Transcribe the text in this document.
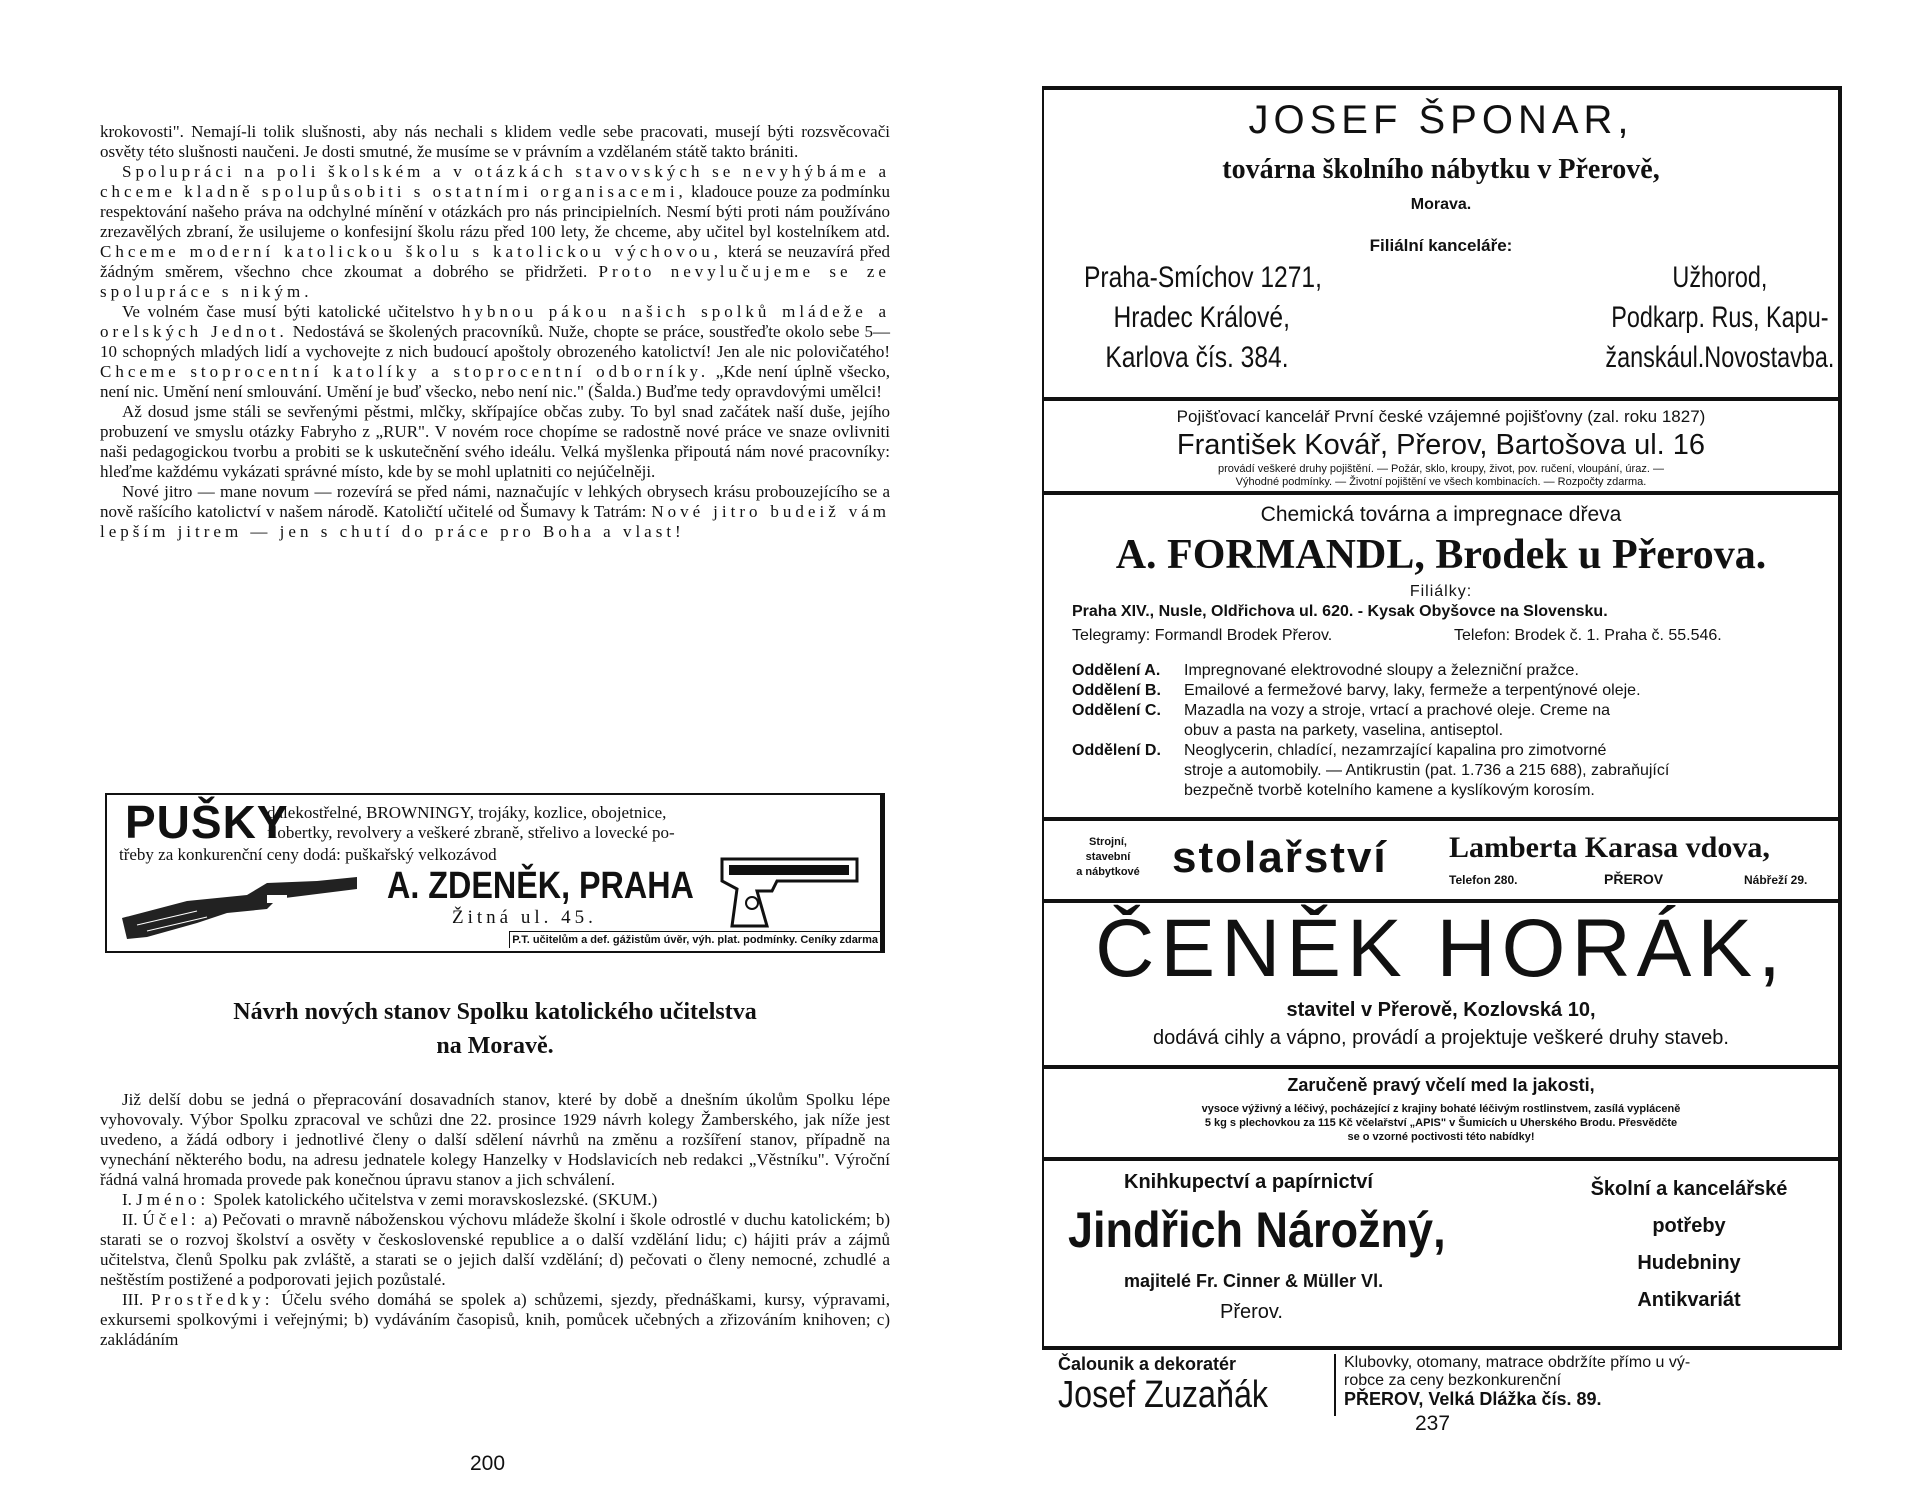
krokovosti". Nemají-li tolik slušnosti, aby nás nechali s klidem vedle sebe pracovati, musejí býti rozsvěcovači osvěty této slušnosti naučeni. Je dosti smutné, že musíme se v právním a vzdělaném státě takto brániti.

Spolupráci na poli školském a v otázkách stavovských se nevyhýbáme a chceme kladně spolupůsobiti s ostatními organisacemi, kladouce pouze za podmínku respektování našeho práva na odchylné mínění v otázkách pro nás principielních. Nesmí býti proti nám používáno zrezavělých zbraní, že usilujeme o konfesijní školu rázu před 100 lety, že chceme, aby učitel byl kostelníkem atd. Chceme moderní katolickou školu s katolickou výchovou, která se neuzavírá před žádným směrem, všechno chce zkoumat a dobrého se přidržeti. Proto nevylučujeme se ze spolupráce s nikým.

Ve volném čase musí býti katolické učitelstvo hybnou pákou našich spolků mládeže a orelských Jednot. Nedostává se školených pracovníků. Nuže, chopte se práce, soustřeďte okolo sebe 5—10 schopných mladých lidí a vychovejte z nich budoucí apoštoly obrozeného katolictví! Jen ale nic polovičatého! Chceme stoprocentní katolíky a stoprocentní odborníky. „Kde není úplně všecko, není nic. Umění není smlouvání. Umění je buď všecko, nebo není nic." (Šalda.) Buďme tedy opravdovými umělci!

Až dosud jsme stáli se sevřenými pěstmi, mlčky, skřípajíce občas zuby. To byl snad začátek naší duše, jejího probuzení ve smyslu otázky Fabryho z „RUR". V novém roce chopíme se radostně nové práce ve snaze ovlivniti naši pedagogickou tvorbu a probiti se k uskutečnění svého ideálu. Velká myšlenka připoutá nám nové pracovníky: hleďme každému vykázati správné místo, kde by se mohl uplatniti co nejúčelněji.

Nové jitro — mane novum — rozevírá se před námi, naznačujíc v lehkých obrysech krásu probouzejícího se a nově rašícího katolictví v našem národě. Katoličtí učitelé od Šumavy k Tatrám: Nové jitro budeiž vám lepším jitrem — jen s chutí do práce pro Boha a vlast!

PUŠKY
dalekostřelné, BROWNINGY, trojáky, kozlice, obojetnice,
flobertky, revolvery a veškeré zbraně, střelivo a lovecké po-
třeby za konkurenční ceny dodá: puškařský velkozávod
A. ZDENĚK, PRAHA
Žitná ul. 45.
P.T. učitelům a def. gážistům úvěr, výh. plat. podmínky. Ceníky zdarma
Návrh nových stanov Spolku katolického učitelstva
na Moravě.

Již delší dobu se jedná o přepracování dosavadních stanov, které by době a dnešním úkolům Spolku lépe vyhovovaly. Výbor Spolku zpracoval ve schůzi dne 22. prosince 1929 návrh kolegy Žamberského, jak níže jest uvedeno, a žádá odbory i jednotlivé členy o další sdělení návrhů na změnu a rozšíření stanov, případně na vynechání některého bodu, na adresu jednatele kolegy Hanzelky v Hodslavicích neb redakci „Věstníku". Výroční řádná valná hromada provede pak konečnou úpravu stanov a jich schválení.

I. Jméno: Spolek katolického učitelstva v zemi moravskoslezské. (SKUM.)

II. Účel: a) Pečovati o mravně náboženskou výchovu mládeže školní i škole odrostlé v duchu katolickém; b) starati se o rozvoj školství a osvěty v československé republice a o další vzdělání lidu; c) hájiti práv a zájmů učitelstva, členů Spolku pak zvláště, a starati se o jejich další vzdělání; d) pečovati o členy nemocné, zchudlé a neštěstím postižené a podporovati jejich pozůstalé.

III. Prostředky: Účelu svého domáhá se spolek a) schůzemi, sjezdy, přednáškami, kursy, výpravami, exkursemi spolkovými i veřejnými; b) vydáváním časopisů, knih, pomůcek učebných a zřizováním knihoven; c) zakládáním

200
JOSEF ŠPONAR,
továrna školního nábytku v Přerově,
Morava.
Filiální kanceláře:
Praha-Smíchov 1271,
Hradec Králové,
Karlova čís. 384.
Užhorod,
Podkarp. Rus, Kapu-
žanskául.Novostavba.
Pojišťovací kancelář První české vzájemné pojišťovny (zal. roku 1827)
František Kovář, Přerov, Bartošova ul. 16
provádí veškeré druhy pojištění. — Požár, sklo, kroupy, život, pov. ručení, vloupání, úraz. —
Výhodné podmínky. — Životní pojištění ve všech kombinacích. — Rozpočty zdarma.
Chemická továrna a impregnace dřeva
A. FORMANDL, Brodek u Přerova.
Filiálky:
Praha XIV., Nusle, Oldřichova ul. 620. - Kysak Obyšovce na Slovensku.
Telegramy: Formandl Brodek Přerov.	Telefon: Brodek č. 1. Praha č. 55.546.
Oddělení A.	Impregnované elektrovodné sloupy a železniční pražce.
Oddělení B.	Emailové a fermežové barvy, laky, fermeže a terpentýnové oleje.
Oddělení C.	Mazadla na vozy a stroje, vrtací a prachové oleje. Creme na
obuv a pasta na parkety, vaselina, antiseptol.
Oddělení D.	Neoglycerin, chladící, nezamrzající kapalina pro zimotvorné
stroje a automobily. — Antikrustin (pat. 1.736 a 215 688), zabraňující
bezpečně tvorbě kotelního kamene a kyslíkovým korosím.
Strojní,
stavební
a nábytkové stolařství Lamberta Karasa vdova,
Telefon 280.	PŘEROV	Nábřeží 29.
ČENĚK HORÁK,
stavitel v Přerově, Kozlovská 10,
dodává cihly a vápno, provádí a projektuje veškeré druhy staveb.
Zaručeně pravý včelí med Ia jakosti,
vysoce výživný a léčivý, pocházející z krajiny bohaté léčivým rostlinstvem, zasílá vypláceně
5 kg s plechovkou za 115 Kč včelařství „APIS" v Šumicích u Uherského Brodu. Přesvědčte
se o vzorné poctivosti této nabídky!
Knihkupectví a papírnictví
Jindřich Nárožný,
majitelé Fr. Cinner & Müller Vl.
Přerov.
Školní a kancelářské
potřeby
Hudebniny
Antikvariát
Čalounik a dekoratér
Josef Zuzaňák
Klubovky, otomany, matrace obdržíte přímo u vý-
robce za ceny bezkonkurenční
PŘEROV, Velká Dlážka čís. 89.
237
